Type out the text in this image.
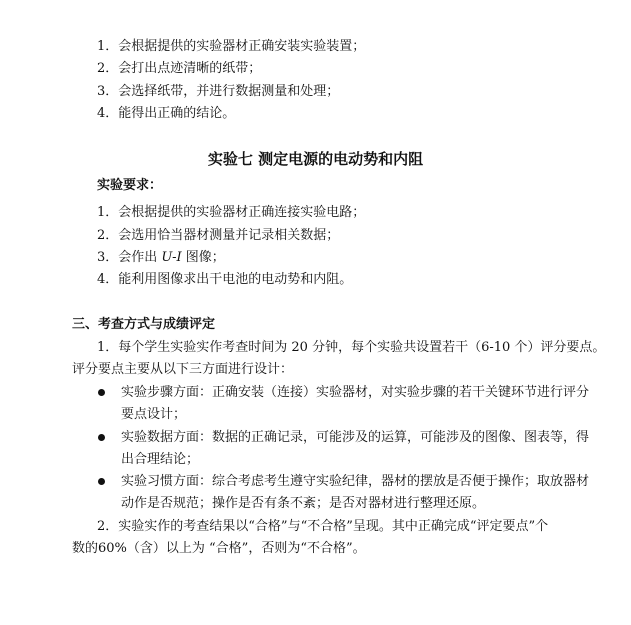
1．会根据提供的实验器材正确安装实验装置；
2．会打出点迹清晰的纸带；
3．会选择纸带，并进行数据测量和处理；
4．能得出正确的结论。
实验七 测定电源的电动势和内阻
实验要求：
1．会根据提供的实验器材正确连接实验电路；
2．会选用恰当器材测量并记录相关数据；
3．会作出 U-I 图像；
4．能利用图像求出干电池的电动势和内阻。
三、考查方式与成绩评定
1．每个学生实验实作考查时间为 20 分钟，每个实验共设置若干（6-10 个）评分要点。
评分要点主要从以下三方面进行设计：
实验步骤方面：正确安装（连接）实验器材，对实验步骤的若干关键环节进行评分
要点设计；
实验数据方面：数据的正确记录，可能涉及的运算，可能涉及的图像、图表等，得
出合理结论；
实验习惯方面：综合考虑考生遵守实验纪律，器材的摆放是否便于操作；取放器材
动作是否规范；操作是否有条不紊；是否对器材进行整理还原。
2．实验实作的考查结果以“合格”与“不合格”呈现。其中正确完成“评定要点”个
数的60%（含）以上为 “合格”，否则为“不合格”。
